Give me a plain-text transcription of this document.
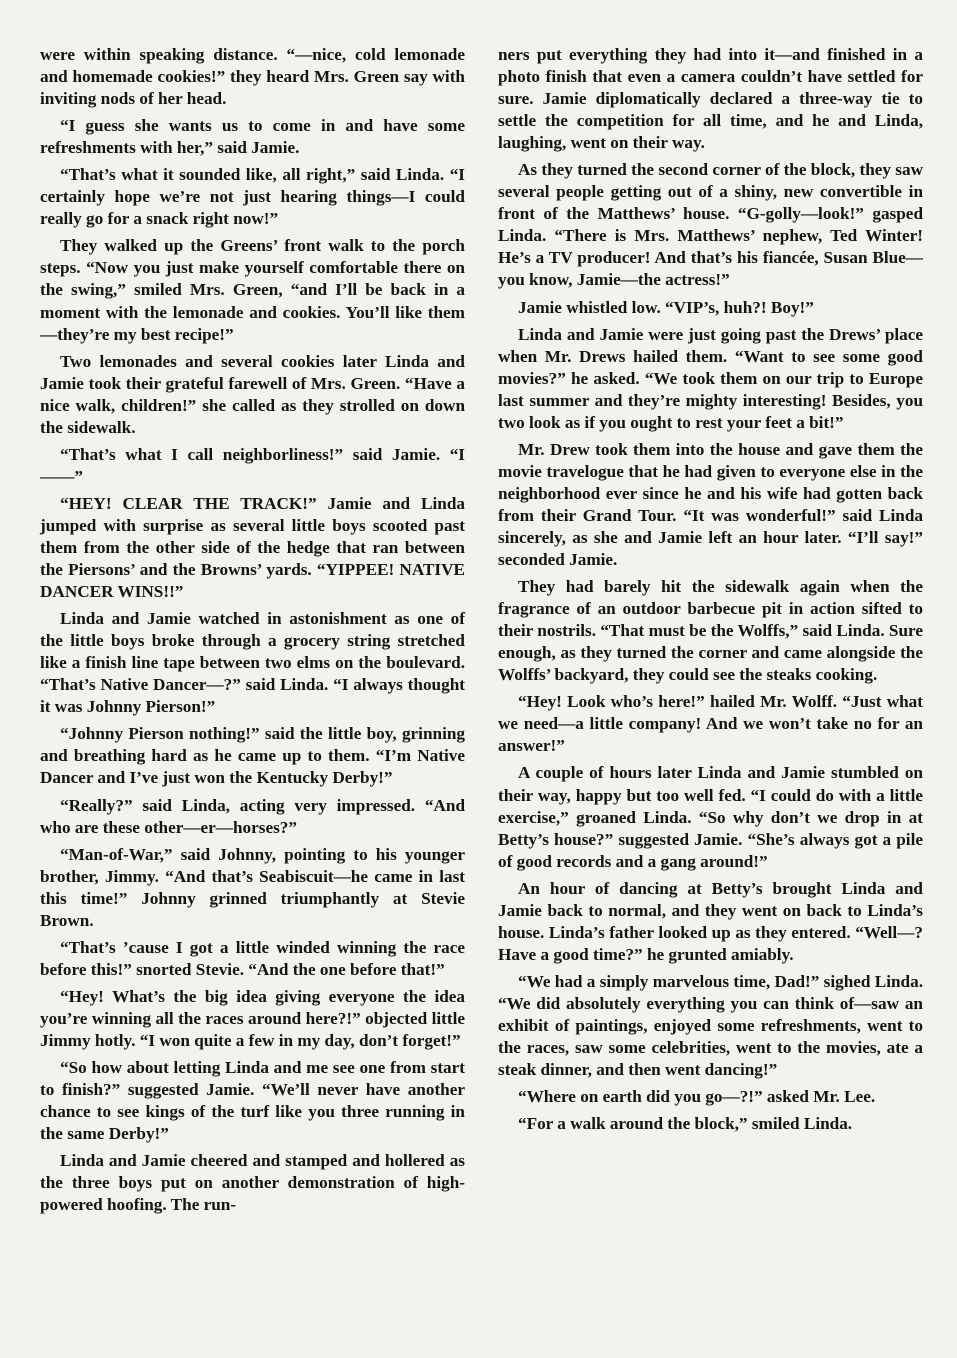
were within speaking distance. “—nice, cold lemonade and homemade cookies!” they heard Mrs. Green say with inviting nods of her head.

“I guess she wants us to come in and have some refreshments with her,” said Jamie.

“That’s what it sounded like, all right,” said Linda. “I certainly hope we’re not just hearing things—I could really go for a snack right now!”

They walked up the Greens’ front walk to the porch steps. “Now you just make yourself comfortable there on the swing,” smiled Mrs. Green, “and I’ll be back in a moment with the lemonade and cookies. You’ll like them—they’re my best recipe!”

Two lemonades and several cookies later Linda and Jamie took their grateful farewell of Mrs. Green. “Have a nice walk, children!” she called as they strolled on down the sidewalk.

“That’s what I call neighborliness!” said Jamie. “I——”

“HEY! CLEAR THE TRACK!” Jamie and Linda jumped with surprise as several little boys scooted past them from the other side of the hedge that ran between the Piersons’ and the Browns’ yards. “YIPPEE! NATIVE DANCER WINS!!”

Linda and Jamie watched in astonishment as one of the little boys broke through a grocery string stretched like a finish line tape between two elms on the boulevard. “That’s Native Dancer—?” said Linda. “I always thought it was Johnny Pierson!”

“Johnny Pierson nothing!” said the little boy, grinning and breathing hard as he came up to them. “I’m Native Dancer and I’ve just won the Kentucky Derby!”

“Really?” said Linda, acting very impressed. “And who are these other—er—horses?”

“Man-of-War,” said Johnny, pointing to his younger brother, Jimmy. “And that’s Seabiscuit—he came in last this time!” Johnny grinned triumphantly at Stevie Brown.

“That’s ’cause I got a little winded winning the race before this!” snorted Stevie. “And the one before that!”

“Hey! What’s the big idea giving everyone the idea you’re winning all the races around here?!” objected little Jimmy hotly. “I won quite a few in my day, don’t forget!”

“So how about letting Linda and me see one from start to finish?” suggested Jamie. “We’ll never have another chance to see kings of the turf like you three running in the same Derby!”

Linda and Jamie cheered and stamped and hollered as the three boys put on another demonstration of high-powered hoofing. The run-

ners put everything they had into it—and finished in a photo finish that even a camera couldn’t have settled for sure. Jamie diplomatically declared a three-way tie to settle the competition for all time, and he and Linda, laughing, went on their way.

As they turned the second corner of the block, they saw several people getting out of a shiny, new convertible in front of the Matthews’ house. “G-golly—look!” gasped Linda. “There is Mrs. Matthews’ nephew, Ted Winter! He’s a TV producer! And that’s his fiancée, Susan Blue—you know, Jamie—the actress!”

Jamie whistled low. “VIP’s, huh?! Boy!”

Linda and Jamie were just going past the Drews’ place when Mr. Drews hailed them. “Want to see some good movies?” he asked. “We took them on our trip to Europe last summer and they’re mighty interesting! Besides, you two look as if you ought to rest your feet a bit!”

Mr. Drew took them into the house and gave them the movie travelogue that he had given to everyone else in the neighborhood ever since he and his wife had gotten back from their Grand Tour. “It was wonderful!” said Linda sincerely, as she and Jamie left an hour later. “I’ll say!” seconded Jamie.

They had barely hit the sidewalk again when the fragrance of an outdoor barbecue pit in action sifted to their nostrils. “That must be the Wolffs,” said Linda. Sure enough, as they turned the corner and came alongside the Wolffs’ backyard, they could see the steaks cooking.

“Hey! Look who’s here!” hailed Mr. Wolff. “Just what we need—a little company! And we won’t take no for an answer!”

A couple of hours later Linda and Jamie stumbled on their way, happy but too well fed. “I could do with a little exercise,” groaned Linda. “So why don’t we drop in at Betty’s house?” suggested Jamie. “She’s always got a pile of good records and a gang around!”

An hour of dancing at Betty’s brought Linda and Jamie back to normal, and they went on back to Linda’s house. Linda’s father looked up as they entered. “Well—? Have a good time?” he grunted amiably.

“We had a simply marvelous time, Dad!” sighed Linda. “We did absolutely everything you can think of—saw an exhibit of paintings, enjoyed some refreshments, went to the races, saw some celebrities, went to the movies, ate a steak dinner, and then went dancing!”

“Where on earth did you go—?!” asked Mr. Lee.

“For a walk around the block,” smiled Linda.
